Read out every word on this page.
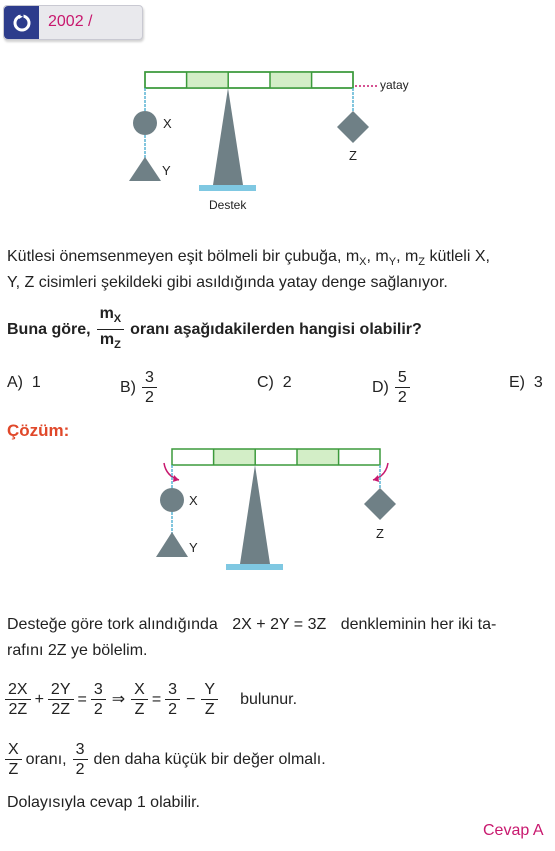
2002 /
X
Y
Z
yatay
Destek
Kütlesi önemsenmeyen eşit bölmeli bir çubuğa, $m_X$, $m_Y$, $m_Z$ kütleli X,
Y, Z cisimleri şekildeki gibi asıldığında yatay denge sağlanıyor.
Buna göre, $\frac{m_X}{m_Z}$ oranı aşağıdakilerden hangisi olabilir?
A) 1	$B) \frac{3}{2}$	C) 2	$D) \frac{5}{2}$	E) 3
Çözüm:
X
Y
Z
Desteğe göre tork alındığında 2X + 2Y = 3Z denkleminin her iki ta-
rafını 2Z ye bölelim.
$\frac{2X}{2Z} + \frac{2Y}{2Z} = \frac{3}{2}$ ⇒ $\frac{X}{Z} = \frac{3}{2} - \frac{Y}{Z}$ bulunur.
$\frac{X}{Z}$ oranı, $\frac{3}{2}$ den daha küçük bir değer olmalı.
Dolayısıyla cevap 1 olabilir.
Cevap A
